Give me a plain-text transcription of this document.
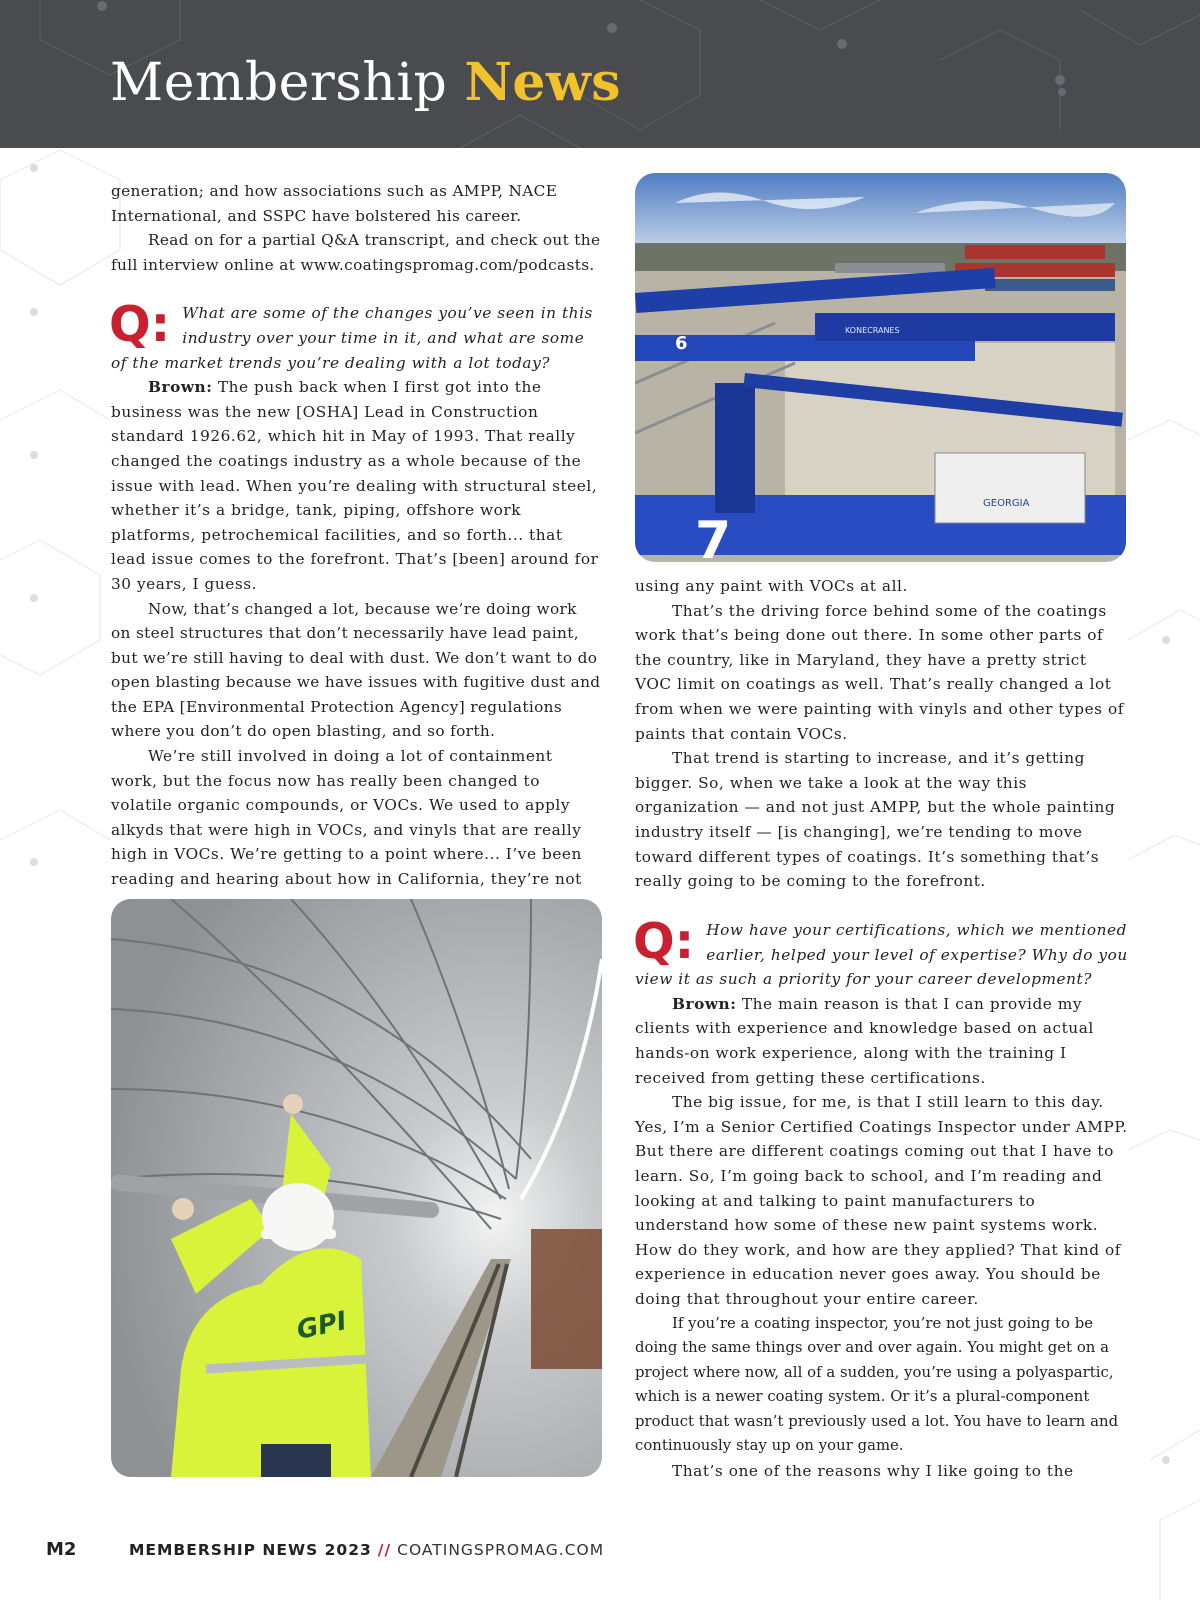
Membership News

generation; and how associations such as AMPP, NACE International, and SSPC have bolstered his career.

Read on for a partial Q&A transcript, and check out the full interview online at www.coatingspromag.com/podcasts.

Q: What are some of the changes you’ve seen in this industry over your time in it, and what are some of the market trends you’re dealing with a lot today?

Brown: The push back when I first got into the business was the new [OSHA] Lead in Construction standard 1926.62, which hit in May of 1993. That really changed the coatings industry as a whole because of the issue with lead. When you’re dealing with structural steel, whether it’s a bridge, tank, piping, offshore work platforms, petrochemical facilities, and so forth... that lead issue comes to the forefront. That’s [been] around for 30 years, I guess.

Now, that’s changed a lot, because we’re doing work on steel structures that don’t necessarily have lead paint, but we’re still having to deal with dust. We don’t want to do open blasting because we have issues with fugitive dust and the EPA [Environmental Protection Agency] regulations where you don’t do open blasting, and so forth.

We’re still involved in doing a lot of containment work, but the focus now has really been changed to volatile organic compounds, or VOCs. We used to apply alkyds that were high in VOCs, and vinyls that are really high in VOCs. We’re getting to a point where... I’ve been reading and hearing about how in California, they’re not

GEORGIA
KONECRANES
6
7

using any paint with VOCs at all.

That’s the driving force behind some of the coatings work that’s being done out there. In some other parts of the country, like in Maryland, they have a pretty strict VOC limit on coatings as well. That’s really changed a lot from when we were painting with vinyls and other types of paints that contain VOCs.

That trend is starting to increase, and it’s getting bigger. So, when we take a look at the way this organization — and not just AMPP, but the whole painting industry itself — [is changing], we’re tending to move toward different types of coatings. It’s something that’s really going to be coming to the forefront.

Q: How have your certifications, which we mentioned earlier, helped your level of expertise? Why do you view it as such a priority for your career development?

Brown: The main reason is that I can provide my clients with experience and knowledge based on actual hands-on work experience, along with the training I received from getting these certifications.

The big issue, for me, is that I still learn to this day. Yes, I’m a Senior Certified Coatings Inspector under AMPP. But there are different coatings coming out that I have to learn. So, I’m going back to school, and I’m reading and looking at and talking to paint manufacturers to understand how some of these new paint systems work. How do they work, and how are they applied? That kind of experience in education never goes away. You should be doing that throughout your entire career.

If you’re a coating inspector, you’re not just going to be doing the same things over and over again. You might get on a project where now, all of a sudden, you’re using a polyaspartic, which is a newer coating system. Or it’s a plural-component product that wasn’t previously used a lot. You have to learn and continuously stay up on your game.

That’s one of the reasons why I like going to the

GPI
M2	MEMBERSHIP NEWS 2023 // COATINGSPROMAG.COM
